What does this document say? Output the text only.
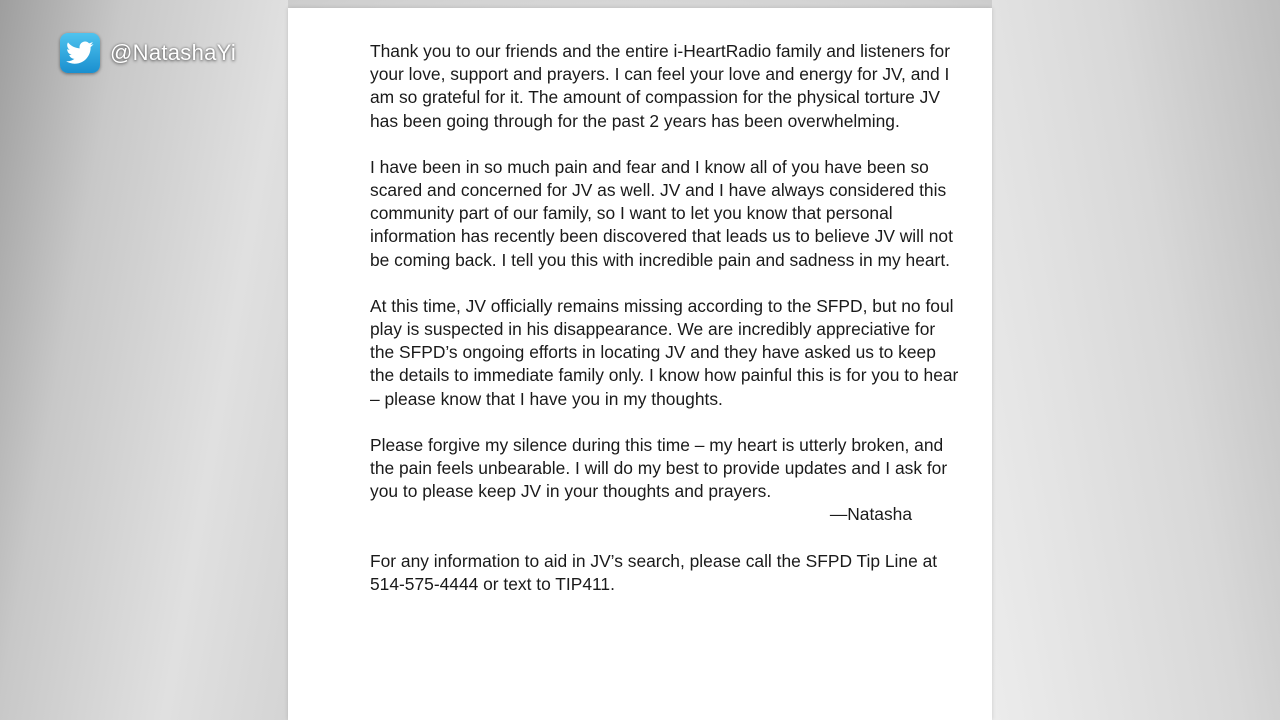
@NatashaYi	Thank you to our friends and the entire i-HeartRadio family and listeners for your love, support and prayers. I can feel your love and energy for JV, and I am so grateful for it. The amount of compassion for the physical torture JV has been going through for the past 2 years has been overwhelming.

I have been in so much pain and fear and I know all of you have been so scared and concerned for JV as well. JV and I have always considered this community part of our family, so I want to let you know that personal information has recently been discovered that leads us to believe JV will not be coming back. I tell you this with incredible pain and sadness in my heart.

At this time, JV officially remains missing according to the SFPD, but no foul play is suspected in his disappearance. We are incredibly appreciative for the SFPD’s ongoing efforts in locating JV and they have asked us to keep the details to immediate family only. I know how painful this is for you to hear – please know that I have you in my thoughts.

Please forgive my silence during this time – my heart is utterly broken, and the pain feels unbearable. I will do my best to provide updates and I ask for you to please keep JV in your thoughts and prayers.

—Natasha

For any information to aid in JV’s search, please call the SFPD Tip Line at 514-575-4444 or text to TIP411.
